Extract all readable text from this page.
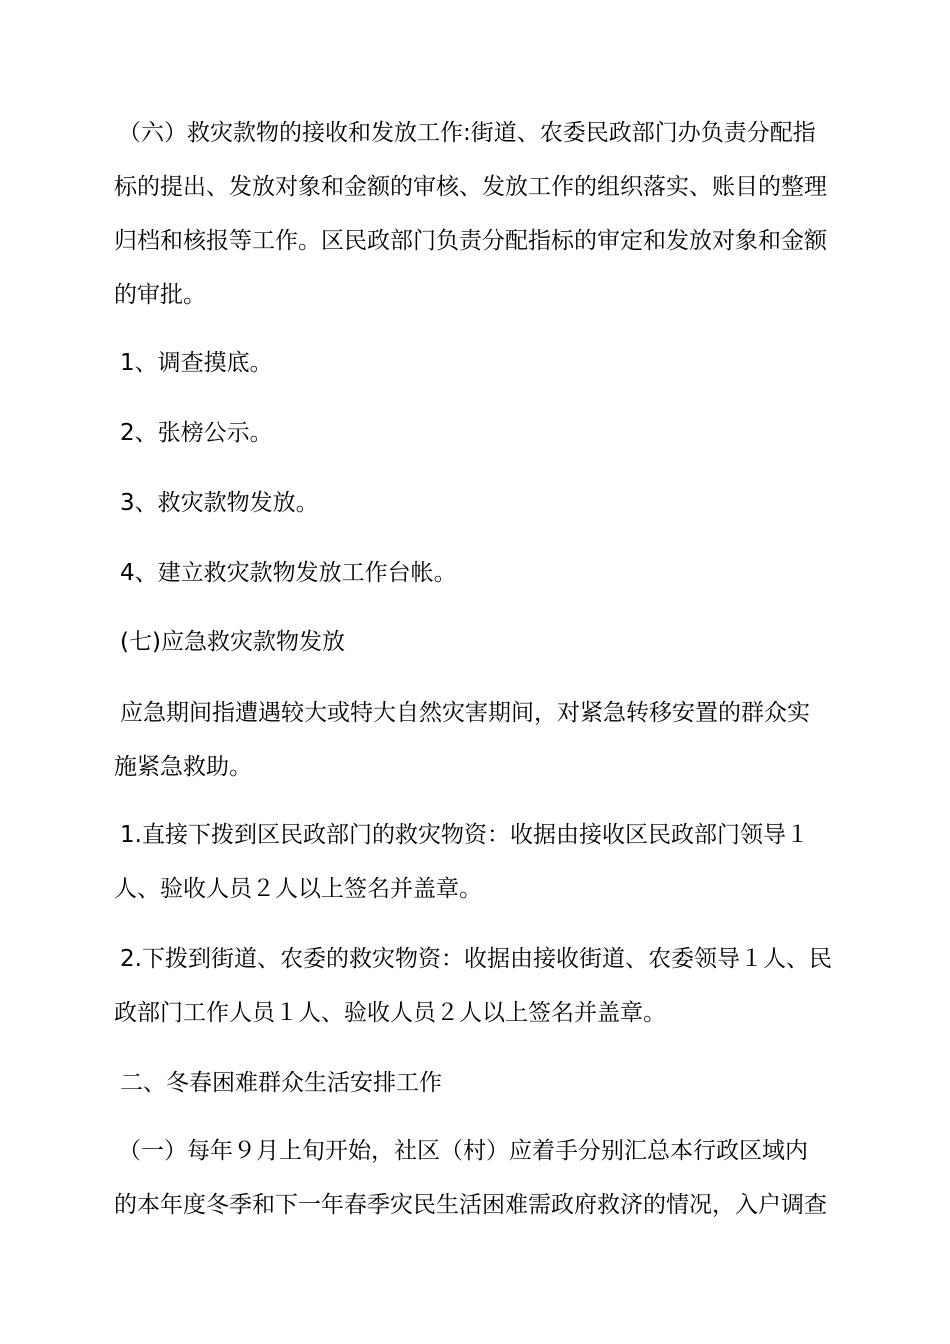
（六）救灾款物的接收和发放工作:街道、农委民政部门办负责分配指
标的提出、发放对象和金额的审核、发放工作的组织落实、账目的整理
归档和核报等工作。区民政部门负责分配指标的审定和发放对象和金额
的审批。
1、调查摸底。
2、张榜公示。
3、救灾款物发放。
4、建立救灾款物发放工作台帐。
(七)应急救灾款物发放
应急期间指遭遇较大或特大自然灾害期间，对紧急转移安置的群众实
施紧急救助。
1.直接下拨到区民政部门的救灾物资：收据由接收区民政部门领导１
人、验收人员２人以上签名并盖章。
2.下拨到街道、农委的救灾物资：收据由接收街道、农委领导１人、民
政部门工作人员１人、验收人员２人以上签名并盖章。
二、冬春困难群众生活安排工作
（一）每年９月上旬开始，社区（村）应着手分别汇总本行政区域内
的本年度冬季和下一年春季灾民生活困难需政府救济的情况，入户调查
